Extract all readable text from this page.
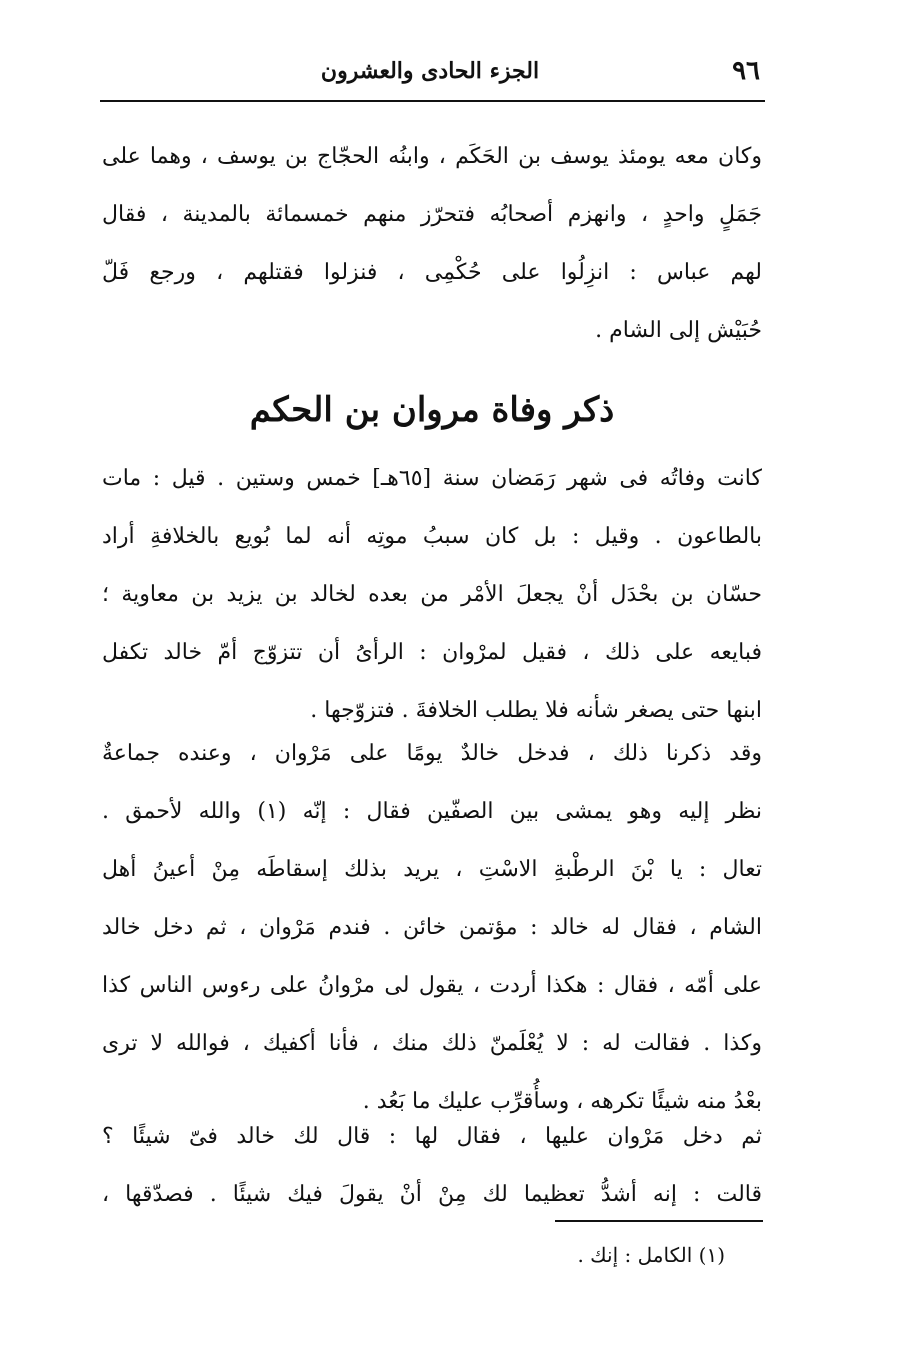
٩٦
الجزء الحادى والعشرون

وكان معه يومئذ يوسف بن الحَكَم ، وابنُه الحجّاج بن يوسف ، وهما على
جَمَلٍ واحدٍ ، وانهزم أصحابُه فتحرّز منهم خمسمائة بالمدينة ، فقال
لهم عباس : انزِلُوا على حُكْمِى ، فنزلوا فقتلهم ، ورجع فَلّ
حُبَيْش إلى الشام .

ذكر وفاة مروان بن الحكم

كانت وفاتُه فى شهر رَمَضان سنة [٦٥هـ] خمس وستين . قيل : مات
بالطاعون . وقيل : بل كان سببُ موتِه أنه لما بُويع بالخلافةِ أراد
حسّان بن بحْدَل أنْ يجعلَ الأمْر من بعده لخالد بن يزيد بن معاوية ؛
فبايعه على ذلك ، فقيل لمرْوان : الرأىُ أن تتزوّج أمّ خالد تكفل
ابنها حتى يصغر شأنه فلا يطلب الخلافةَ . فتزوّجها .

وقد ذكرنا ذلك ، فدخل خالدٌ يومًا على مَرْوان ، وعنده جماعةٌ
نظر إليه وهو يمشى بين الصفّين فقال : إنّه (١) والله لأحمق .
تعال : يا بْنَ الرطْبةِ الاسْتِ ، يريد بذلك إسقاطَه مِنْ أعينُ أهل
الشام ، فقال له خالد : مؤتمن خائن . فندم مَرْوان ، ثم دخل خالد
على أمّه ، فقال : هكذا أردت ، يقول لى مرْوانُ على رءوس الناس كذا
وكذا . فقالت له : لا يُعْلَمنّ ذلك منك ، فأنا أكفيك ، فوالله لا ترى
بعْدُ منه شيئًا تكرهه ، وسأُقرِّب عليك ما بَعُد .

ثم دخل مَرْوان عليها ، فقال لها : قال لك خالد فىّ شيئًا ؟
قالت : إنه أشدُّ تعظيما لك مِنْ أنْ يقولَ فيك شيئًا . فصدّقها ،

(١) الكامل : إنك .
